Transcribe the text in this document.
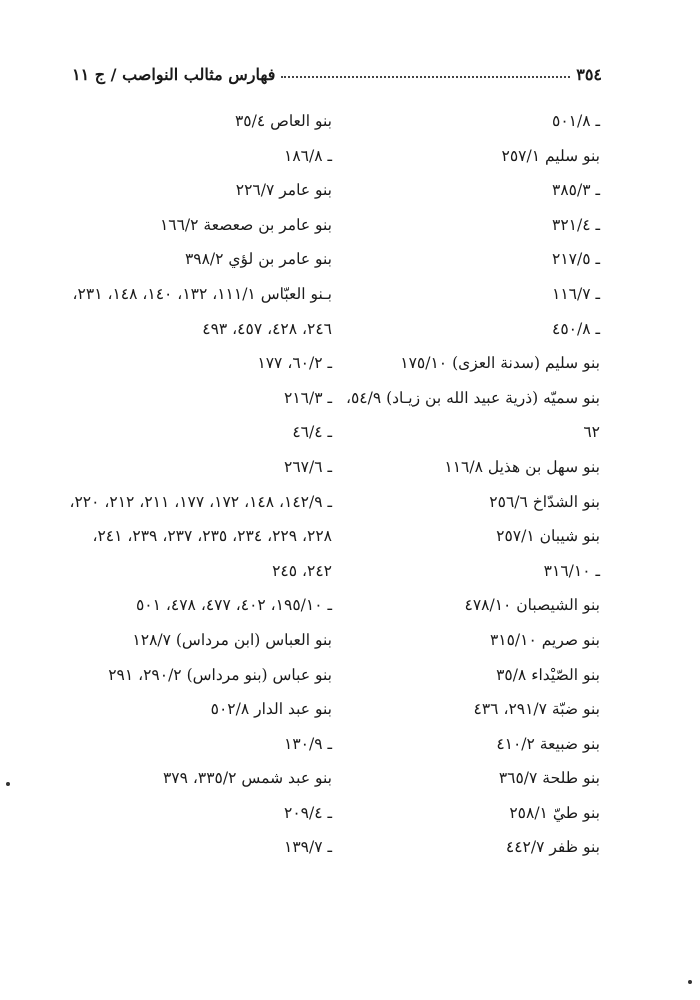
٣٥٤
فهارس مثالب النواصب / ج ١١
ـ ٥٠١/٨
بنو سليم ٢٥٧/١
ـ ٣٨٥/٣
ـ ٣٢١/٤
ـ ٢١٧/٥
ـ ١١٦/٧
ـ ٤٥٠/٨
بنو سليم (سدنة العزى) ١٧٥/١٠
بنو سميّه (ذرية عبيد الله بن زيـاد) ٥٤/٩،
٦٢
بنو سهل بن هذيل ١١٦/٨
بنو الشدّاخ ٢٥٦/٦
بنو شيبان ٢٥٧/١
ـ ٣١٦/١٠
بنو الشيصبان ٤٧٨/١٠
بنو صريم ٣١٥/١٠
بنو الصّيْداء ٣٥/٨
بنو ضبّة ٢٩١/٧، ٤٣٦
بنو ضبيعة ٤١٠/٢
بنو طلحة ٣٦٥/٧
بنو طيّ ٢٥٨/١
بنو ظفر ٤٤٢/٧
بنو العاص ٣٥/٤
ـ ١٨٦/٨
بنو عامر ٢٢٦/٧
بنو عامر بن صعصعة ١٦٦/٢
بنو عامر بن لؤي ٣٩٨/٢
بـنو العبّاس ١١١/١، ١٣٢، ١٤٠، ١٤٨، ٢٣١،
٢٤٦، ٤٢٨، ٤٥٧، ٤٩٣
ـ ٦٠/٢، ١٧٧
ـ ٢١٦/٣
ـ ٤٦/٤
ـ ٢٦٧/٦
ـ ١٤٢/٩، ١٤٨، ١٧٢، ١٧٧، ٢١١، ٢١٢، ٢٢٠،
٢٢٨، ٢٢٩، ٢٣٤، ٢٣٥، ٢٣٧، ٢٣٩، ٢٤١،
٢٤٢، ٢٤٥
ـ ١٩٥/١٠، ٤٠٢، ٤٧٧، ٤٧٨، ٥٠١
بنو العباس (ابن مرداس) ١٢٨/٧
بنو عباس (بنو مرداس) ٢٩٠/٢، ٢٩١
بنو عبد الدار ٥٠٢/٨
ـ ١٣٠/٩
بنو عبد شمس ٣٣٥/٢، ٣٧٩
ـ ٢٠٩/٤
ـ ١٣٩/٧
